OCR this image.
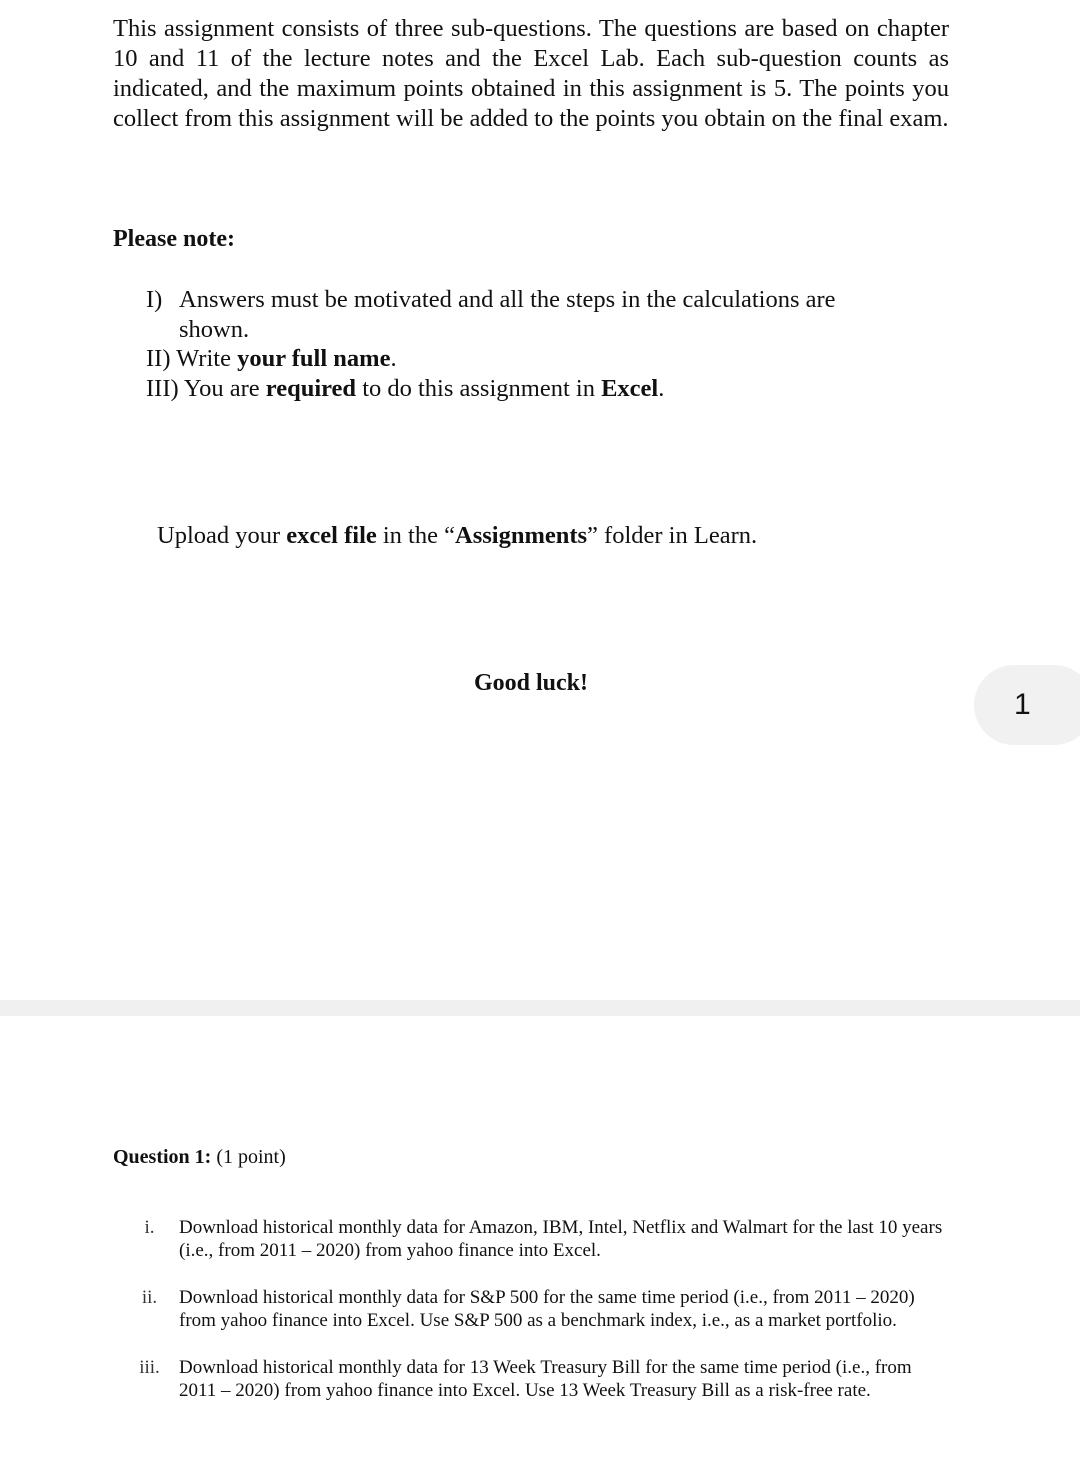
This assignment consists of three sub-questions. The questions are based on chapter 10 and 11 of the lecture notes and the Excel Lab. Each sub-question counts as indicated, and the maximum points obtained in this assignment is 5. The points you collect from this assignment will be added to the points you obtain on the final exam.

Please note:

I) Answers must be motivated and all the steps in the calculations are shown.
II) Write your full name.
III) You are required to do this assignment in Excel.

Upload your excel file in the “Assignments” folder in Learn.

Good luck!

1

Question 1: (1 point)

i.	Download historical monthly data for Amazon, IBM, Intel, Netflix and Walmart for the last 10 years (i.e., from 2011 – 2020) from yahoo finance into Excel.
ii.	Download historical monthly data for S&P 500 for the same time period (i.e., from 2011 – 2020) from yahoo finance into Excel. Use S&P 500 as a benchmark index, i.e., as a market portfolio.
iii.	Download historical monthly data for 13 Week Treasury Bill for the same time period (i.e., from 2011 – 2020) from yahoo finance into Excel. Use 13 Week Treasury Bill as a risk-free rate.
